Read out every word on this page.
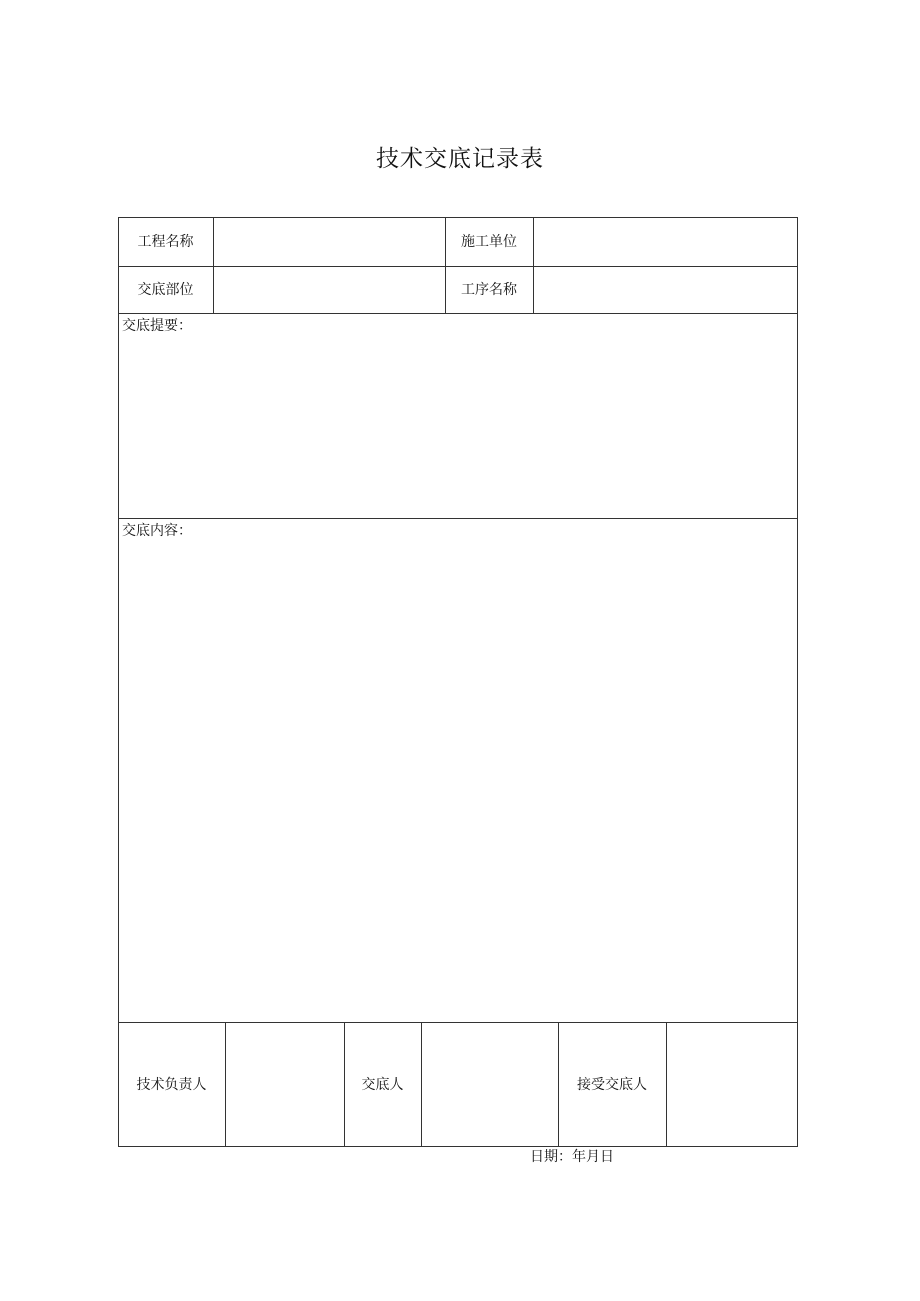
技术交底记录表
工程名称	施工单位
交底部位	工序名称
交底提要：
交底内容：
技术负责人	交底人	接受交底人
日期：年月日
